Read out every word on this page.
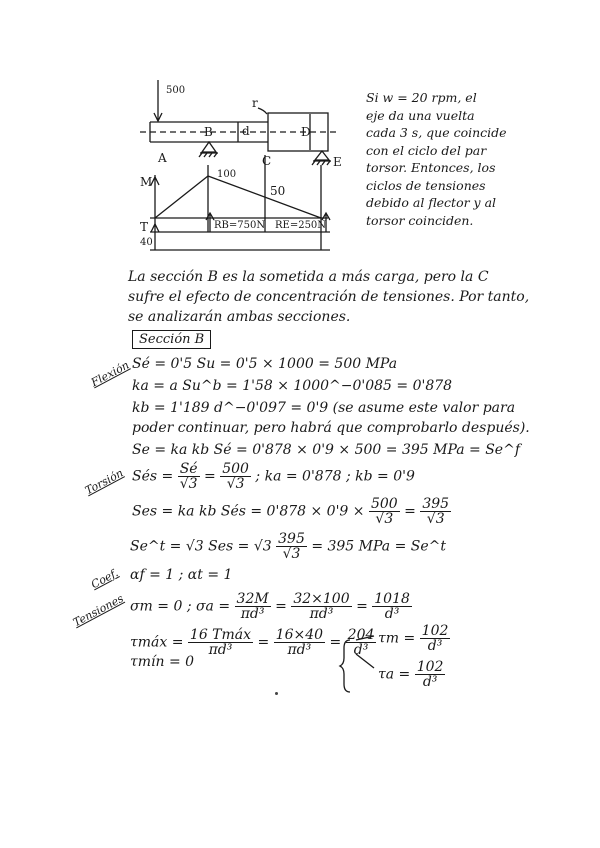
500
r
B d	D
A	C	E
M
100
50
T	RB=750N RE=250N
40
Si w = 20 rpm, el
eje da una vuelta
cada 3 s, que coincide
con el ciclo del par
torsor. Entonces, los
ciclos de tensiones
debido al flector y al
torsor coinciden.
La sección B es la sometida a más carga, pero la C
sufre el efecto de concentración de tensiones. Por tanto,
se analizarán ambas secciones.
Sección B
Flexión Sé = 0'5 Su = 0'5 × 1000 = 500 MPa
ka = a Su^b = 1'58 × 1000^−0'085 = 0'878
kb = 1'189 d^−0'097 = 0'9 (se asume este valor para
poder continuar, pero habrá que comprobarlo después).
Se = ka kb Sé = 0'878 × 0'9 × 500 = 395 MPa = Se^f
Torsión Sés = $\frac{Sé}{√3} = \frac{500}{√3}$ ; ka = 0'878 ; kb = 0'9
Ses = ka kb Sés = $0'878 \times 0'9 \times \frac{500}{√3} = \frac{395}{√3}$
Se^t = √3 Ses = $√3 \frac{395}{√3} = 395$ MPa = Se^t
Coef. αf = 1 ; αt = 1
Tensiones σm = 0 ; $\sigma a = \frac{32M}{\text{πd³}} = \frac{32\times 100}{\text{πd³}} = \frac{1018}{\text{d³}}$
τmáx = $\frac{\text{16 Tmáx}}{\text{πd³}} = \frac{16\times 40}{\text{πd³}} = \frac{204}{\text{d³}}$
τmín = 0
$\tau m = \frac{102}{\text{d³}}$
$\tau a = \frac{102}{\text{d³}}$
